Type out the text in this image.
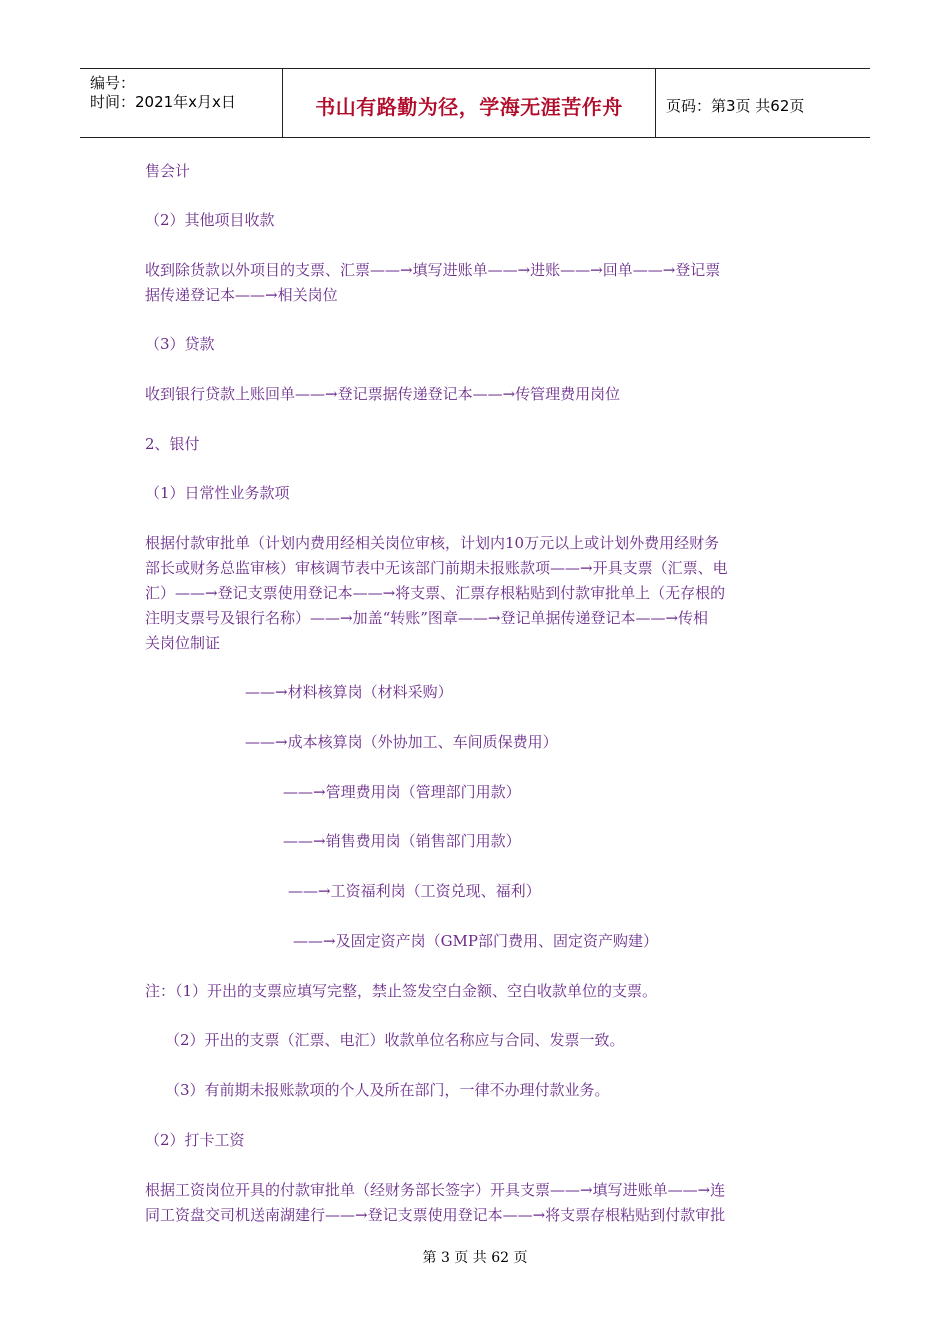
编号：
时间：2021年x月x日	书山有路勤为径，学海无涯苦作舟	页码：第3页 共62页

售会计

（2）其他项目收款

收到除货款以外项目的支票、汇票——→填写进账单——→进账——→回单——→登记票

据传递登记本——→相关岗位

（3）贷款

收到银行贷款上账回单——→登记票据传递登记本——→传管理费用岗位

2、银付

（1）日常性业务款项

根据付款审批单（计划内费用经相关岗位审核，计划内10万元以上或计划外费用经财务

部长或财务总监审核）审核调节表中无该部门前期未报账款项——→开具支票（汇票、电

汇）——→登记支票使用登记本——→将支票、汇票存根粘贴到付款审批单上（无存根的

注明支票号及银行名称）——→加盖“转账”图章——→登记单据传递登记本——→传相

关岗位制证

——→材料核算岗（材料采购）

——→成本核算岗（外协加工、车间质保费用）

——→管理费用岗（管理部门用款）

——→销售费用岗（销售部门用款）

——→工资福利岗（工资兑现、福利）

——→及固定资产岗（GMP部门费用、固定资产购建）

注：（1）开出的支票应填写完整，禁止签发空白金额、空白收款单位的支票。

（2）开出的支票（汇票、电汇）收款单位名称应与合同、发票一致。

（3）有前期未报账款项的个人及所在部门，一律不办理付款业务。

（2）打卡工资

根据工资岗位开具的付款审批单（经财务部长签字）开具支票——→填写进账单——→连

同工资盘交司机送南湖建行——→登记支票使用登记本——→将支票存根粘贴到付款审批

第 3 页 共 62 页
